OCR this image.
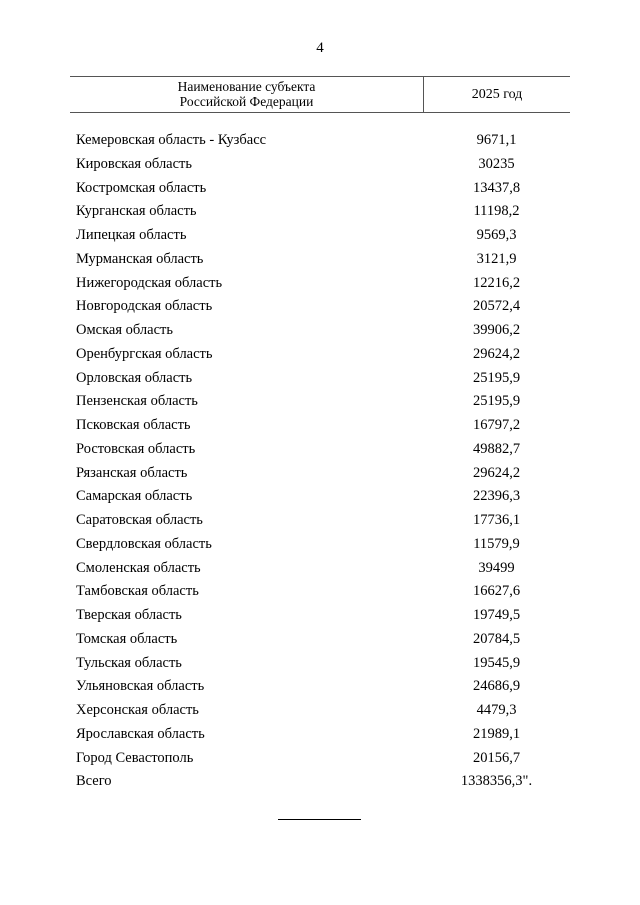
4
Наименование субъекта
Российской Федерации	2025 год
Кемеровская область - Кузбасс	9671,1
Кировская область	30235
Костромская область	13437,8
Курганская область	11198,2
Липецкая область	9569,3
Мурманская область	3121,9
Нижегородская область	12216,2
Новгородская область	20572,4
Омская область	39906,2
Оренбургская область	29624,2
Орловская область	25195,9
Пензенская область	25195,9
Псковская область	16797,2
Ростовская область	49882,7
Рязанская область	29624,2
Самарская область	22396,3
Саратовская область	17736,1
Свердловская область	11579,9
Смоленская область	39499
Тамбовская область	16627,6
Тверская область	19749,5
Томская область	20784,5
Тульская область	19545,9
Ульяновская область	24686,9
Херсонская область	4479,3
Ярославская область	21989,1
Город Севастополь	20156,7
Всего	1338356,3".
